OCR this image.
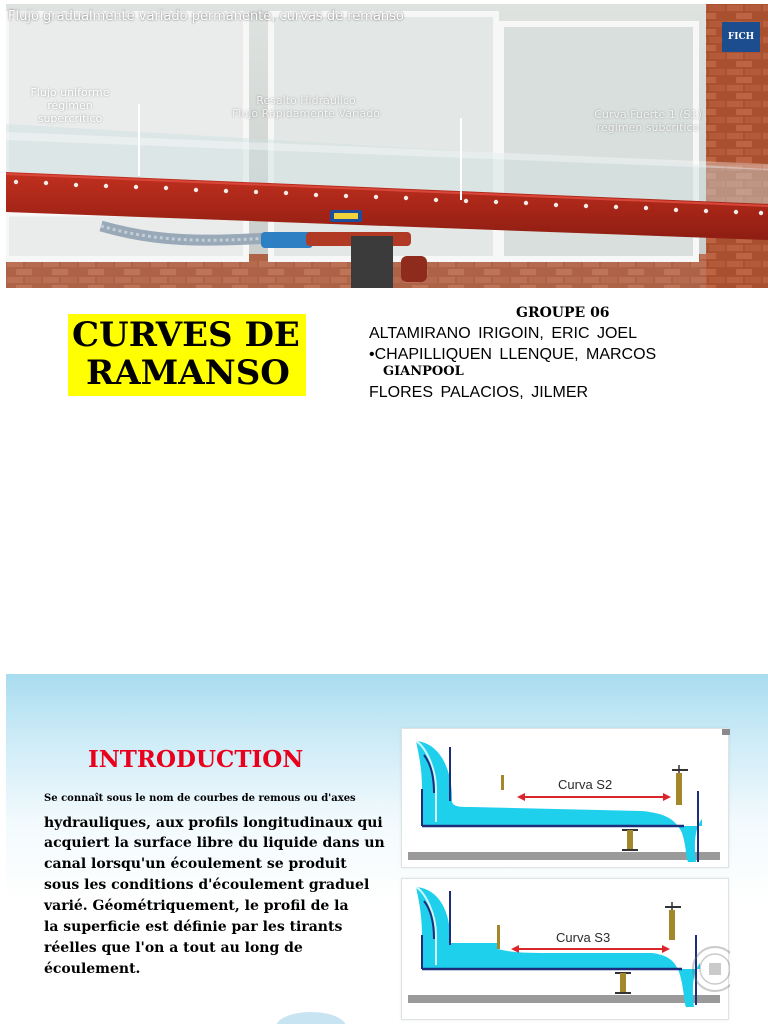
Flujo gradualmente variado permanente, curvas de remanso
FICH
Flujo uniforme
régimen
supercrítico
Resalto Hidráulico
Flujo Rápidamente Variado	Curva Fuerte 1 (S1)
régimen subcrítico
CURVES DE
RAMANSO
GROUPE 06
ALTAMIRANO IRIGOIN, ERIC JOEL
•CHAPILLIQUEN LLENQUE, MARCOS
GIANPOOL
FLORES PALACIOS, JILMER
INTRODUCTION
Se connaît sous le nom de courbes de remous ou d'axes
hydrauliques, aux profils longitudinaux qui
acquiert la surface libre du liquide dans un
canal lorsqu'un écoulement se produit
sous les conditions d'écoulement graduel
varié. Géométriquement, le profil de la
la superficie est définie par les tirants
réelles que l'on a tout au long de
écoulement.
Curva S2
Curva S3
